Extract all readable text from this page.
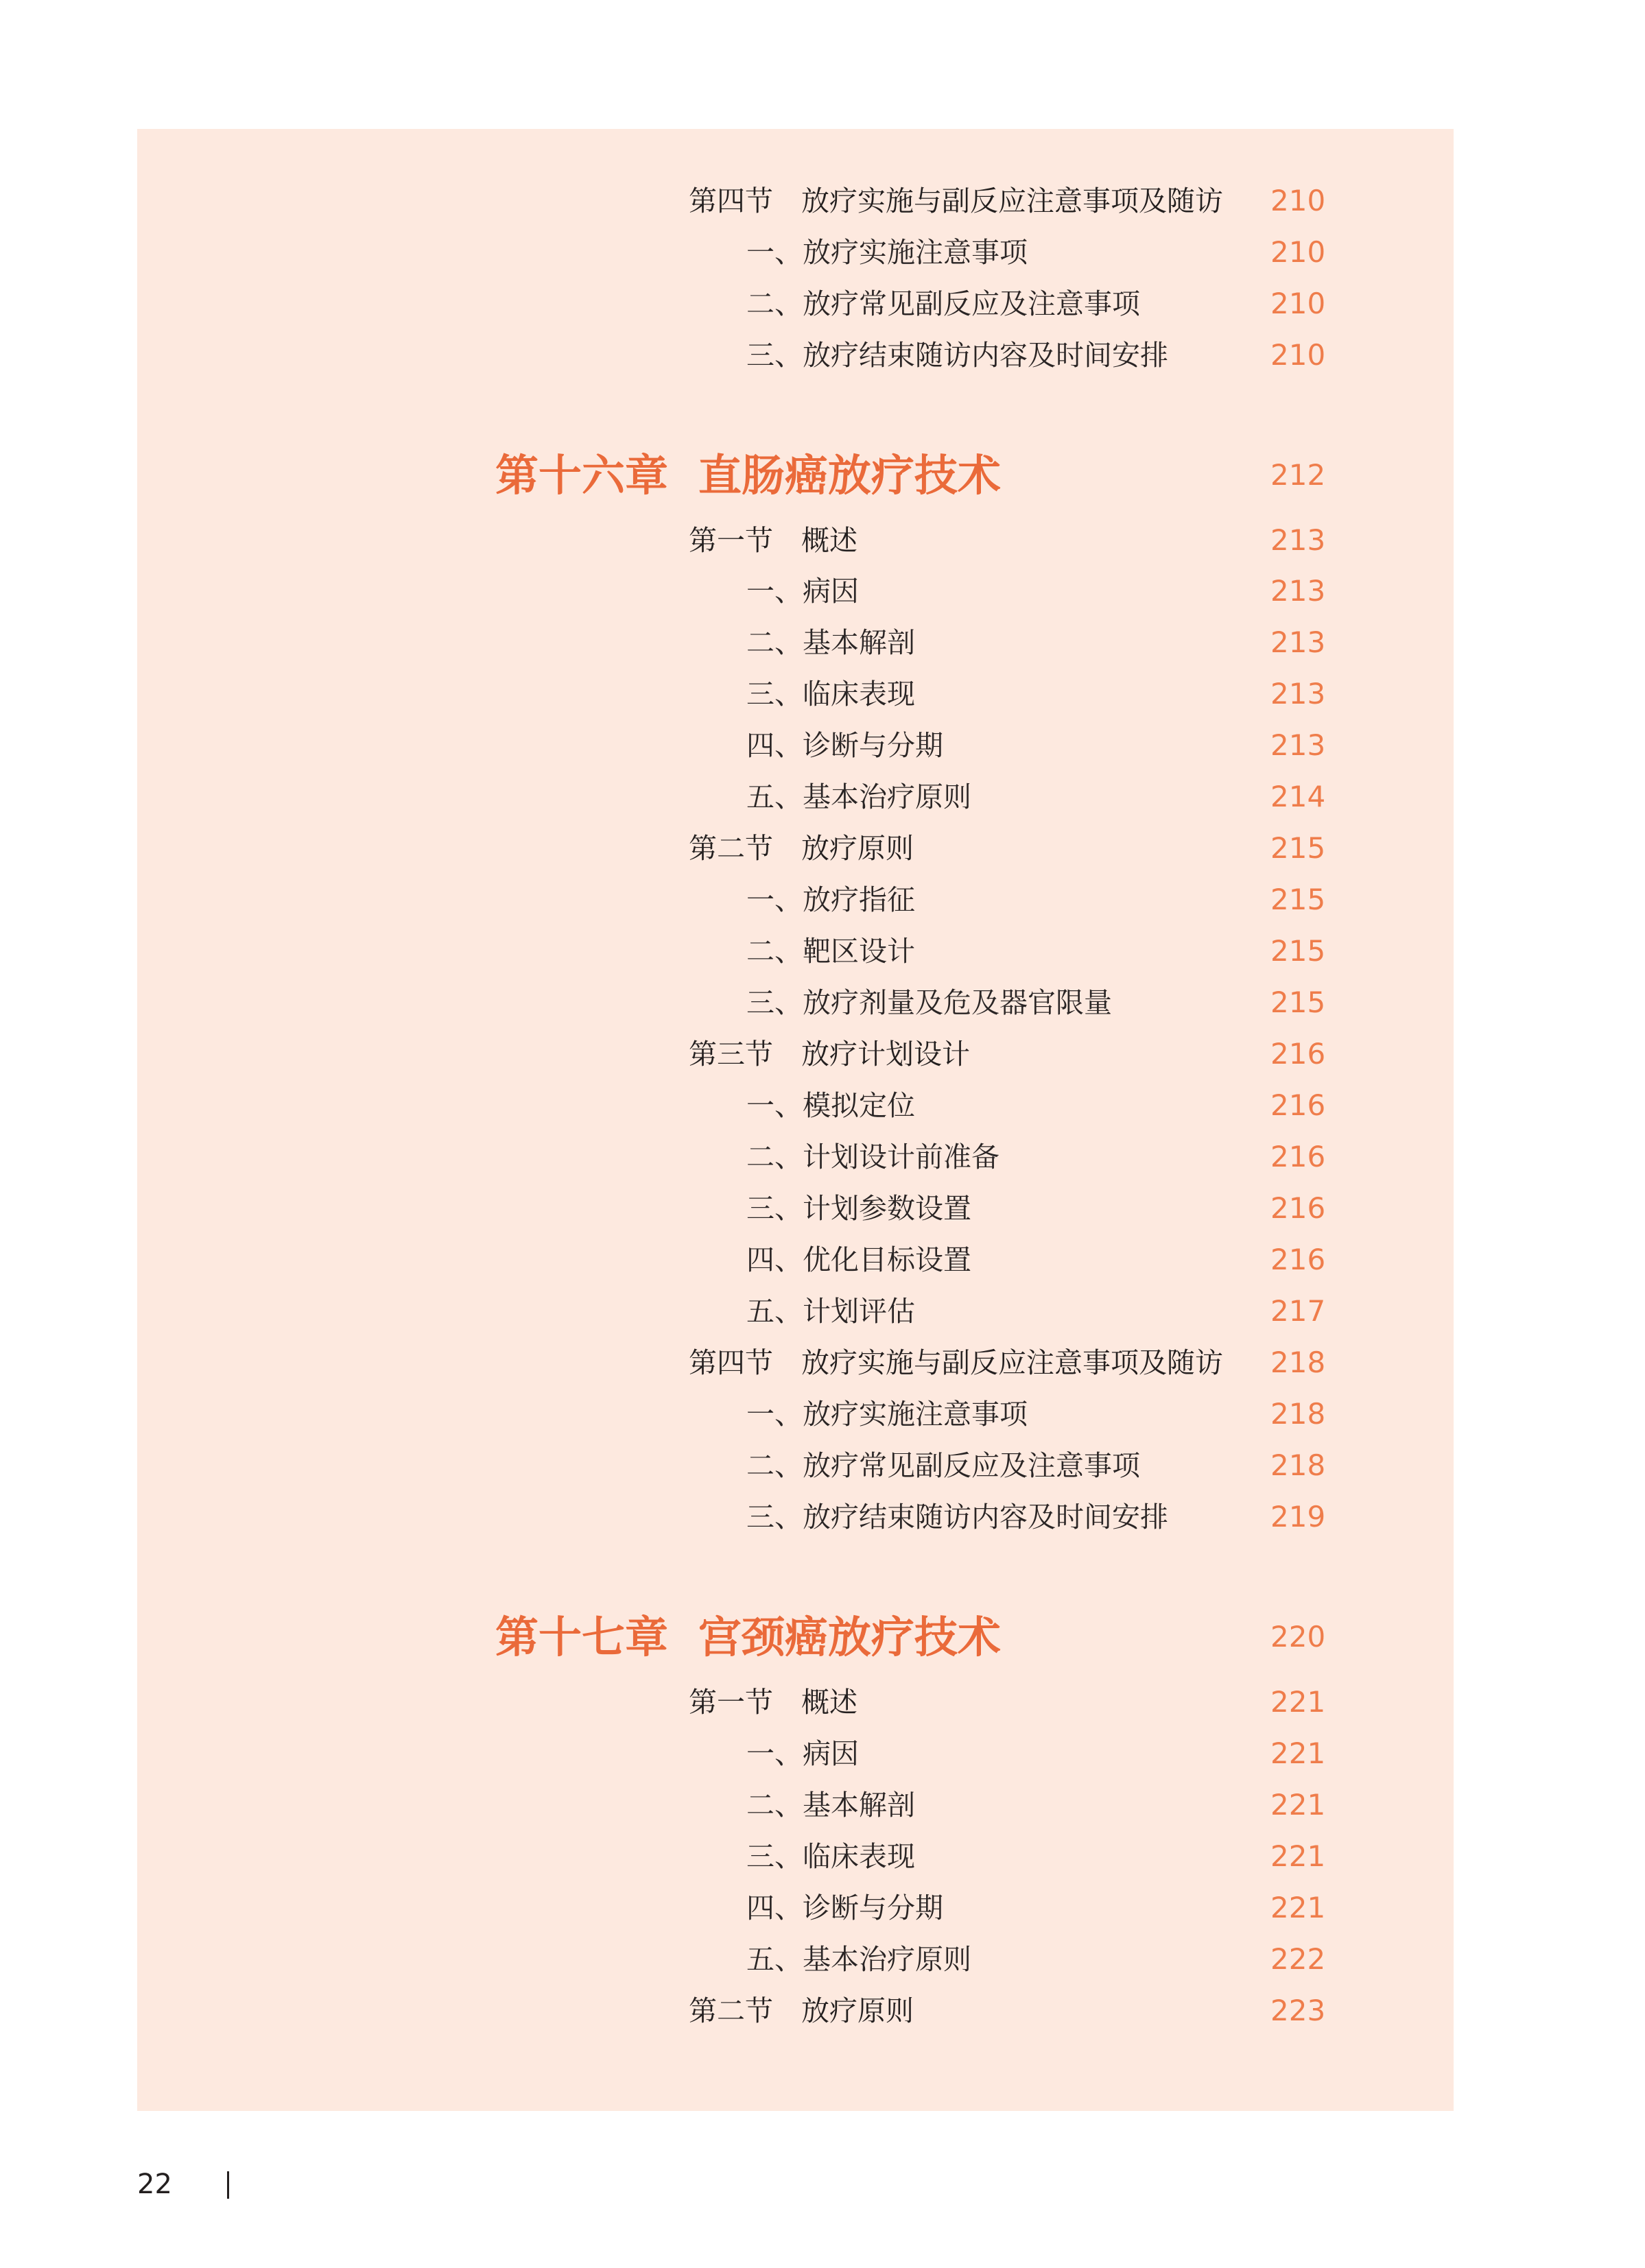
第四节　放疗实施与副反应注意事项及随访 210
一、放疗实施注意事项	210
二、放疗常见副反应及注意事项	210
三、放疗结束随访内容及时间安排	210
第十六章  直肠癌放疗技术	212
第一节　概述	213
一、病因	213
二、基本解剖	213
三、临床表现	213
四、诊断与分期	213
五、基本治疗原则	214
第二节　放疗原则	215
一、放疗指征	215
二、靶区设计	215
三、放疗剂量及危及器官限量	215
第三节　放疗计划设计	216
一、模拟定位	216
二、计划设计前准备	216
三、计划参数设置	216
四、优化目标设置	216
五、计划评估	217
第四节　放疗实施与副反应注意事项及随访 218
一、放疗实施注意事项	218
二、放疗常见副反应及注意事项	218
三、放疗结束随访内容及时间安排	219
第十七章  宫颈癌放疗技术	220
第一节　概述	221
一、病因	221
二、基本解剖	221
三、临床表现	221
四、诊断与分期	221
五、基本治疗原则	222
第二节　放疗原则	223
22
